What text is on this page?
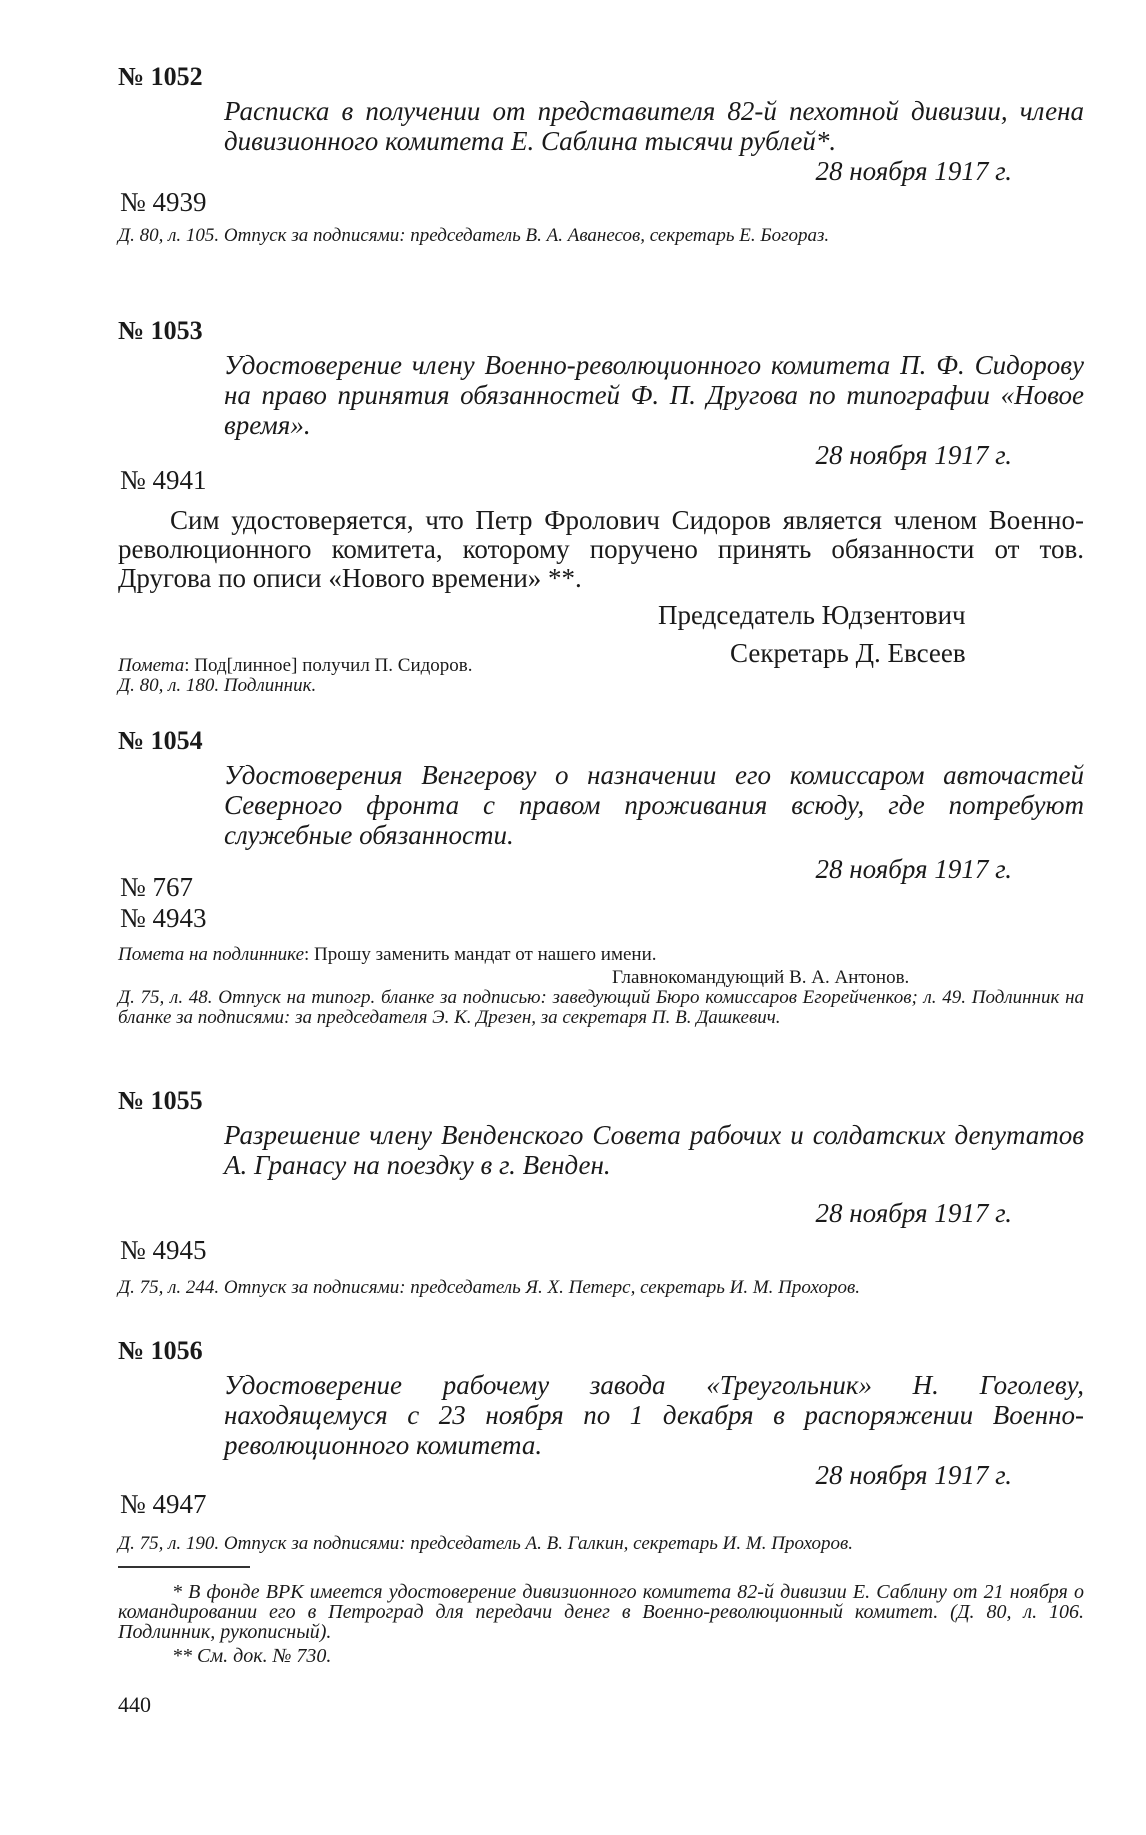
№ 1052
Расписка в получении от представителя 82-й пехотной дивизии, члена дивизионного комитета Е. Саблина тысячи рублей*.
28 ноября 1917 г.
№ 4939
Д. 80, л. 105. Отпуск за подписями: председатель В. А. Аванесов, секретарь Е. Богораз.
№ 1053
Удостоверение члену Военно-революционного комитета П. Ф. Сидорову на право принятия обязанностей Ф. П. Другова по типографии «Новое время».
28 ноября 1917 г.
№ 4941
Сим удостоверяется, что Петр Фролович Сидоров является членом Военно-революционного комитета, которому поручено принять обязанности от тов. Другова по описи «Нового времени» **.
Председатель Юдзентович
Секретарь Д. Евсеев
Помета: Под[линное] получил П. Сидоров.
Д. 80, л. 180. Подлинник.
№ 1054
Удостоверения Венгерову о назначении его комиссаром авточастей Северного фронта с правом проживания всюду, где потребуют служебные обязанности.
28 ноября 1917 г.
№ 767
№ 4943
Помета на подлиннике: Прошу заменить мандат от нашего имени.
Главнокомандующий В. А. Антонов.
Д. 75, л. 48. Отпуск на типогр. бланке за подписью: заведующий Бюро комиссаров Егорейченков; л. 49. Подлинник на бланке за подписями: за председателя Э. К. Дрезен, за секретаря П. В. Дашкевич.
№ 1055
Разрешение члену Венденского Совета рабочих и солдатских депутатов А. Гранасу на поездку в г. Венден.
28 ноября 1917 г.
№ 4945
Д. 75, л. 244. Отпуск за подписями: председатель Я. Х. Петерс, секретарь И. М. Прохоров.
№ 1056
Удостоверение рабочему завода «Треугольник» Н. Гоголеву, находящемуся с 23 ноября по 1 декабря в распоряжении Военно-революционного комитета.
28 ноября 1917 г.
№ 4947
Д. 75, л. 190. Отпуск за подписями: председатель А. В. Галкин, секретарь И. М. Прохоров.
* В фонде ВРК имеется удостоверение дивизионного комитета 82-й дивизии Е. Саблину от 21 ноября о командировании его в Петроград для передачи денег в Военно-революционный комитет. (Д. 80, л. 106. Подлинник, рукописный).
** См. док. № 730.
440
